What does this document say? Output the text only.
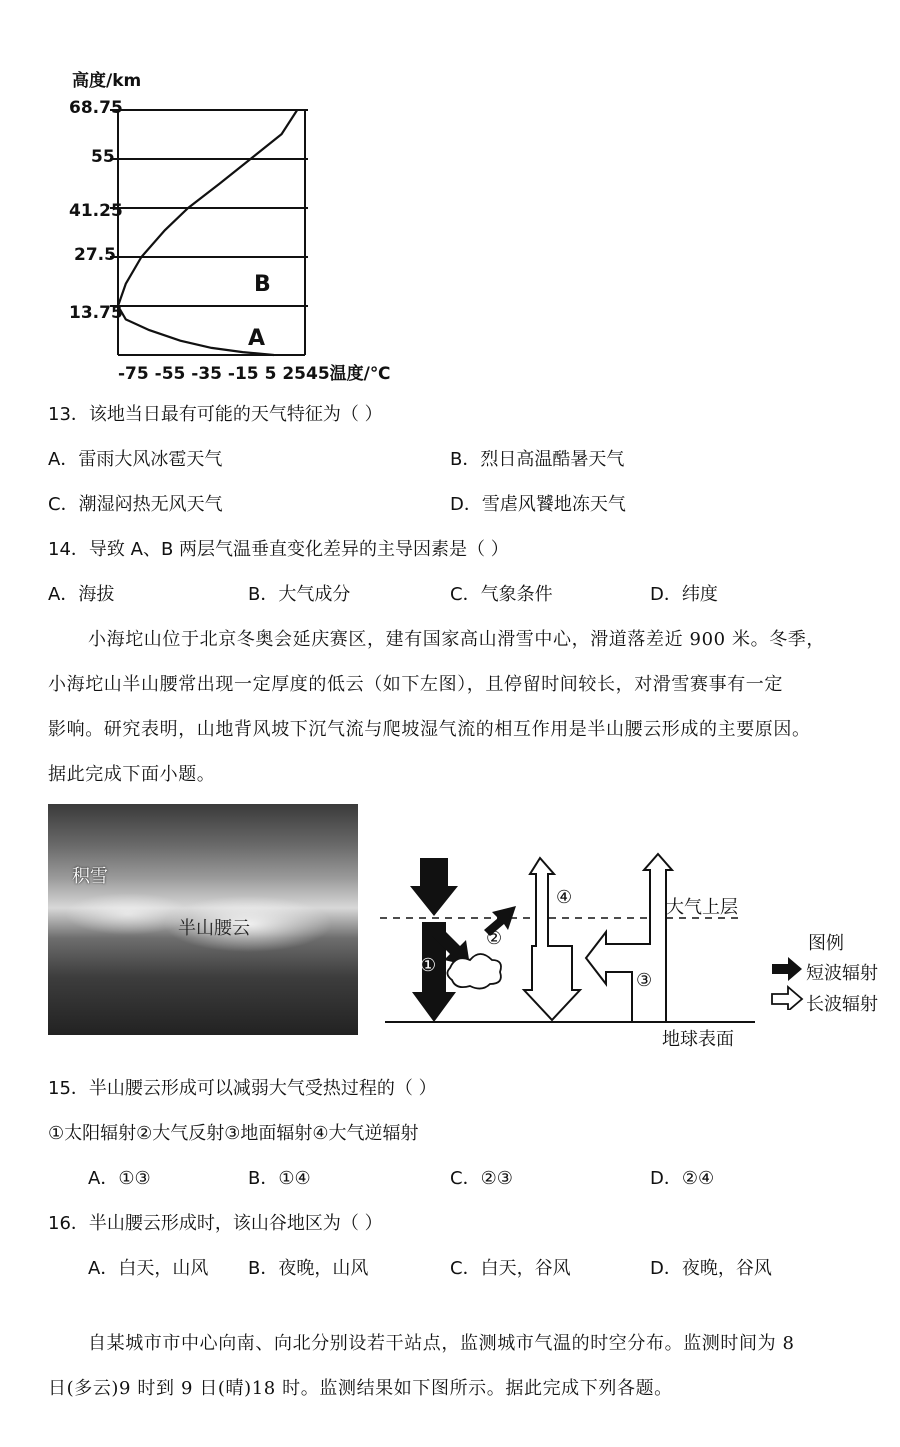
高度/km
68.75
55
41.25
27.5
13.75
-75 -55 -35 -15 5 2545温度/℃
B
A
13．该地当日最有可能的天气特征为（ ）
A．雷雨大风冰雹天气	B．烈日高温酷暑天气
C．潮湿闷热无风天气	D．雪虐风饕地冻天气
14．导致 A、B 两层气温垂直变化差异的主导因素是（ ）
A．海拔	B．大气成分	C．气象条件	D．纬度
小海坨山位于北京冬奥会延庆赛区，建有国家高山滑雪中心，滑道落差近 900 米。冬季，
小海坨山半山腰常出现一定厚度的低云（如下左图），且停留时间较长，对滑雪赛事有一定
影响。研究表明，山地背风坡下沉气流与爬坡湿气流的相互作用是半山腰云形成的主要原因。
据此完成下面小题。
积雪
半山腰云
①
②
③
④	大气上层
地球表面
图例
短波辐射
长波辐射
15．半山腰云形成可以减弱大气受热过程的（ ）
①太阳辐射②大气反射③地面辐射④大气逆辐射
A．①③	B．①④	C．②③	D．②④
16．半山腰云形成时，该山谷地区为（ ）
A．白天，山风 B．夜晚，山风	C．白天，谷风	D．夜晚，谷风
自某城市市中心向南、向北分别设若干站点，监测城市气温的时空分布。监测时间为 8
日(多云)9 时到 9 日(晴)18 时。监测结果如下图所示。据此完成下列各题。
